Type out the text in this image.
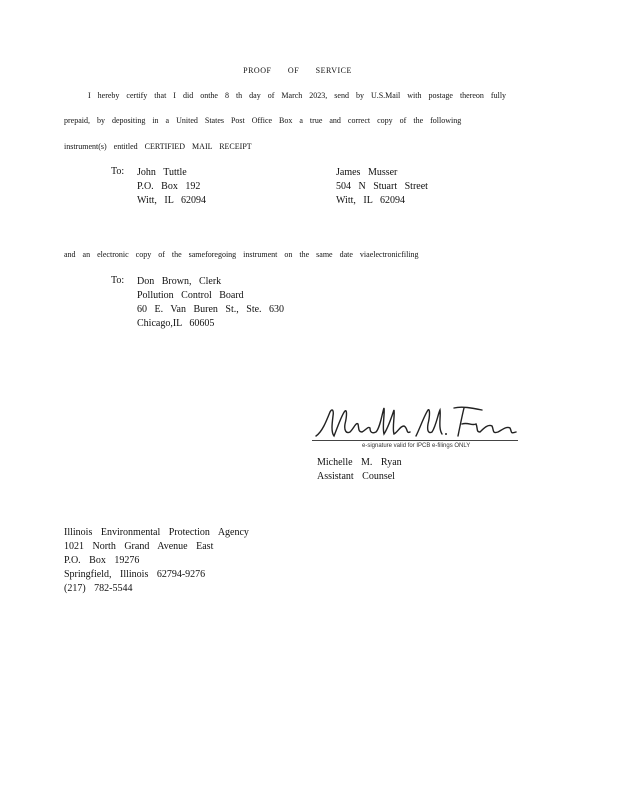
PROOF OF SERVICE
I hereby certify that I did onthe 8 th day of March 2023, send by U.S.Mail with postage thereon fully
prepaid, by depositing in a United States Post Office Box a true and correct copy of the following
instrument(s) entitled CERTIFIED MAIL RECEIPT
To: John Tuttle
P.O. Box 192
Witt, IL 62094
James Musser
504 N Stuart Street
Witt, IL 62094
and an electronic copy of the sameforegoing instrument on the same date viaelectronicfiling
To: Don Brown, Clerk
Pollution Control Board
60 E. Van Buren St., Ste. 630
Chicago,IL 60605
e-signature valid for IPCB e-filings ONLY
Michelle M. Ryan
Assistant Counsel
Illinois Environmental Protection Agency
1021 North Grand Avenue East
P.O. Box 19276
Springfield, Illinois 62794-9276
(217) 782-5544
